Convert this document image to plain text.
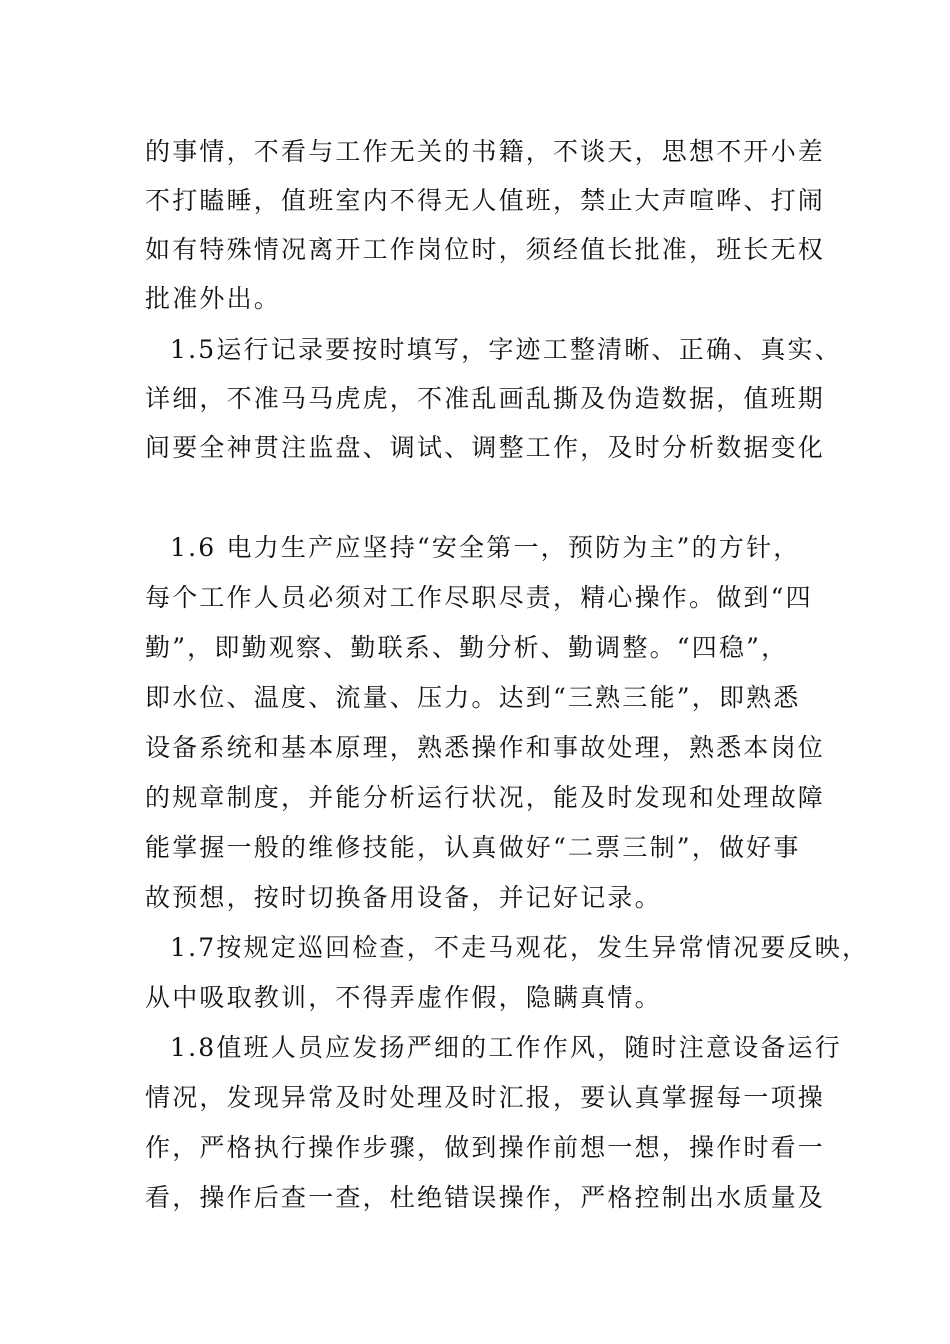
的事情，不看与工作无关的书籍，不谈天，思想不开小差
不打瞌睡，值班室内不得无人值班，禁止大声喧哗、打闹
如有特殊情况离开工作岗位时，须经值长批准，班长无权
批准外出。
1.5运行记录要按时填写，字迹工整清晰、正确、真实、
详细，不准马马虎虎，不准乱画乱撕及伪造数据，值班期
间要全神贯注监盘、调试、调整工作，及时分析数据变化
1.6 电力生产应坚持“安全第一，预防为主”的方针，
每个工作人员必须对工作尽职尽责，精心操作。做到“四
勤”，即勤观察、勤联系、勤分析、勤调整。“四稳”，
即水位、温度、流量、压力。达到“三熟三能”，即熟悉
设备系统和基本原理，熟悉操作和事故处理，熟悉本岗位
的规章制度，并能分析运行状况，能及时发现和处理故障
能掌握一般的维修技能，认真做好“二票三制”，做好事
故预想，按时切换备用设备，并记好记录。
1.7按规定巡回检查，不走马观花，发生异常情况要反映，
从中吸取教训，不得弄虚作假，隐瞒真情。
1.8值班人员应发扬严细的工作作风，随时注意设备运行
情况，发现异常及时处理及时汇报，要认真掌握每一项操
作，严格执行操作步骤，做到操作前想一想，操作时看一
看，操作后查一查，杜绝错误操作，严格控制出水质量及
